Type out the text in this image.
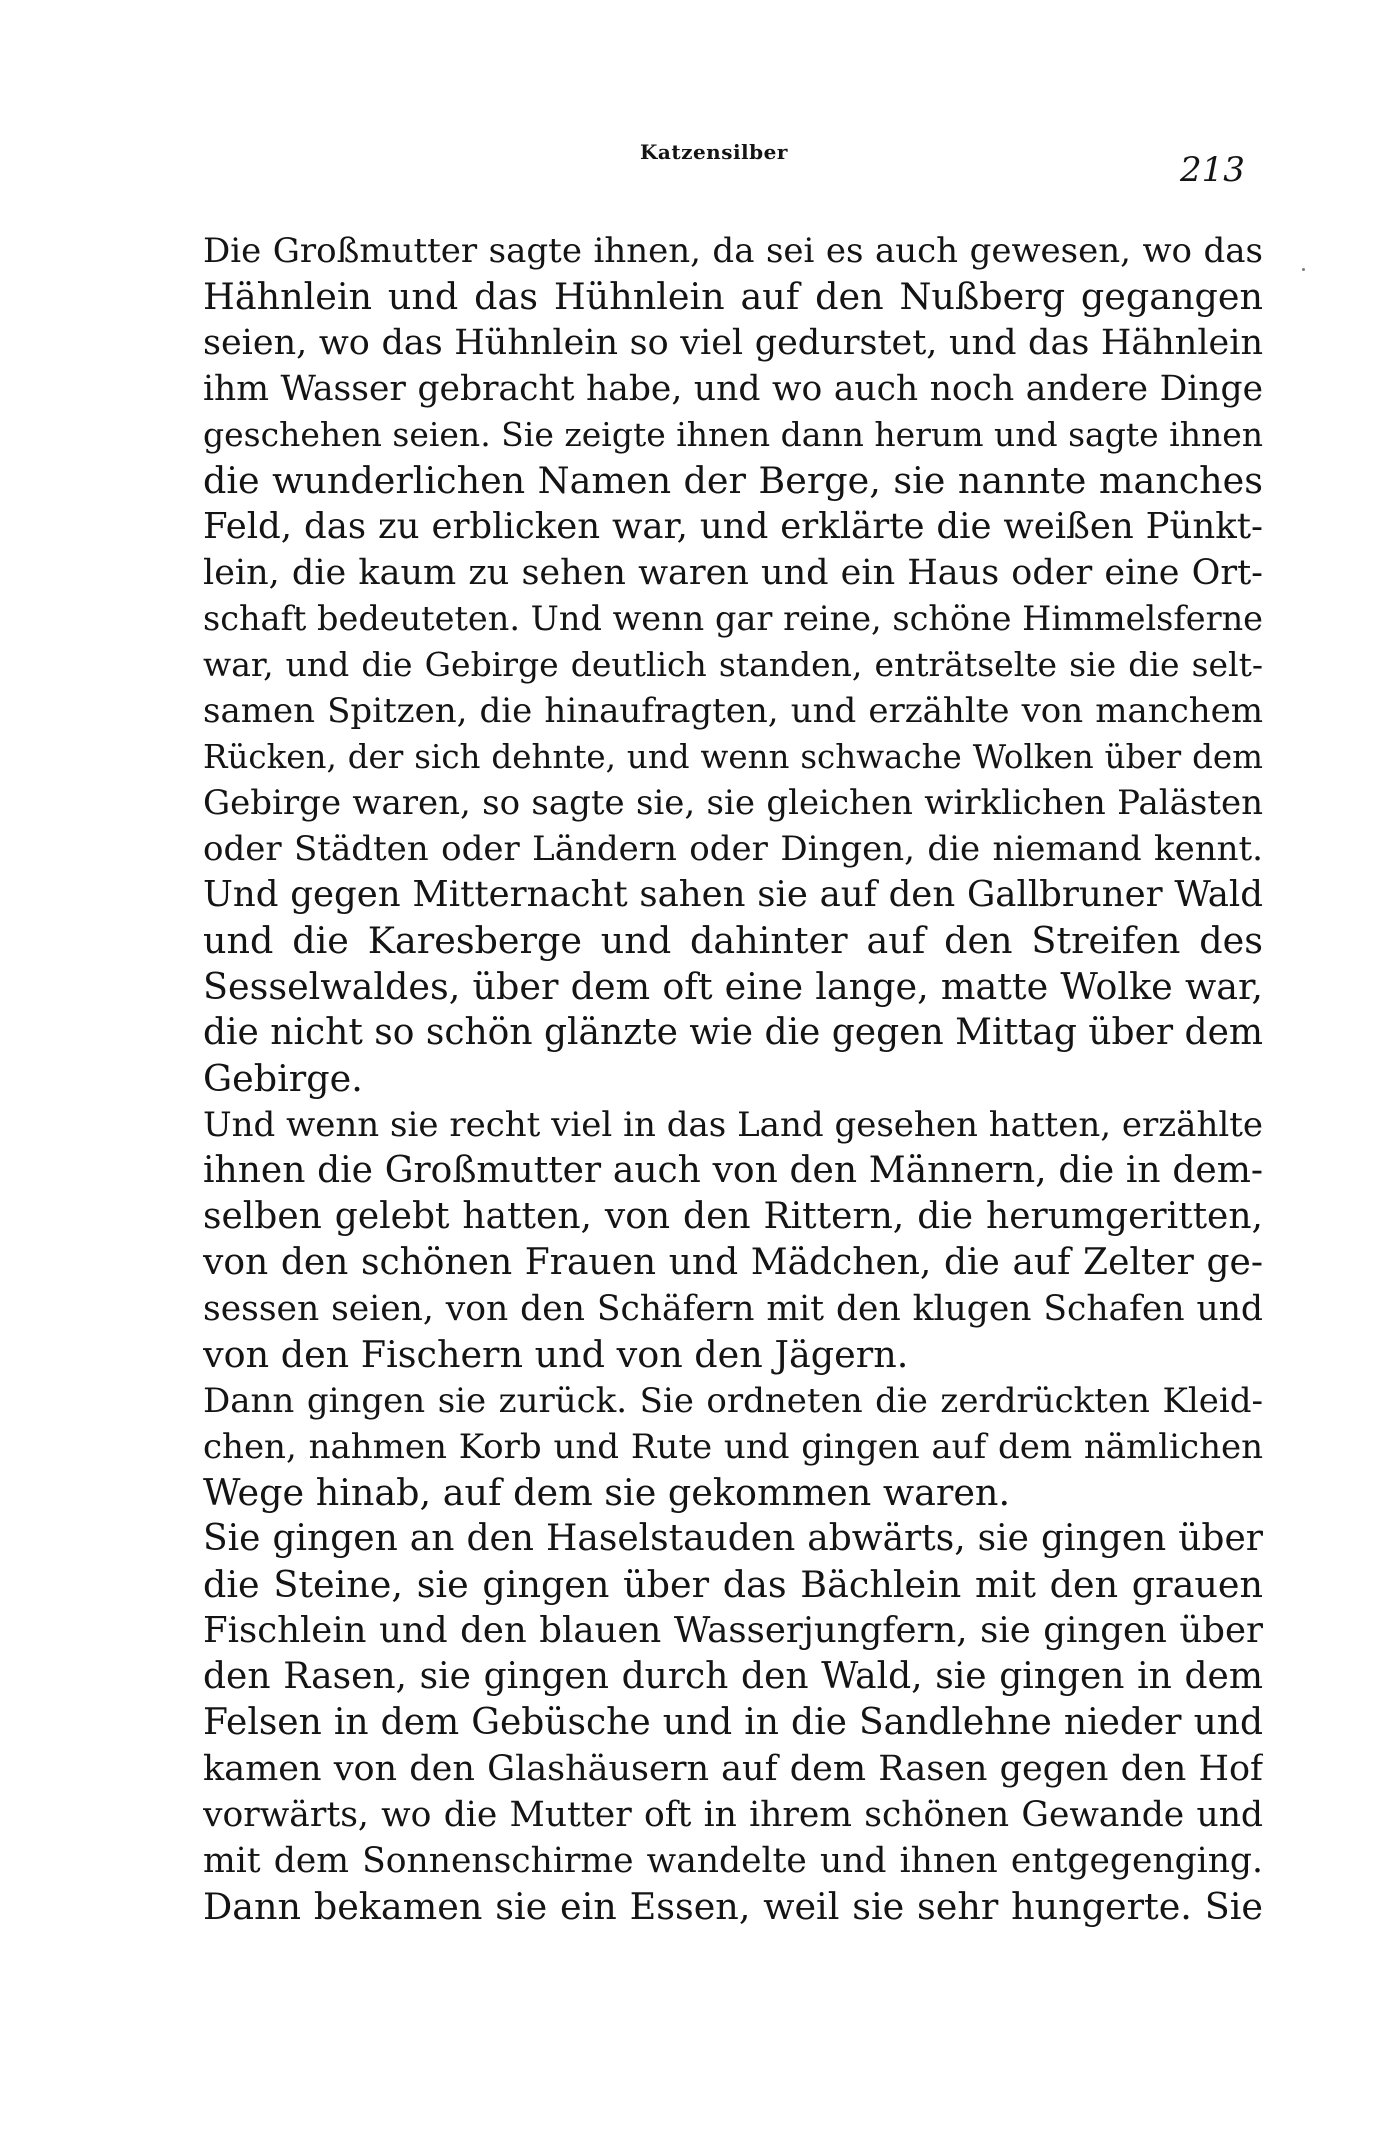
Katzensilber	213
Die Großmutter sagte ihnen, da sei es auch gewesen, wo das
Hähnlein und das Hühnlein auf den Nußberg gegangen
seien, wo das Hühnlein so viel gedurstet, und das Hähnlein
ihm Wasser gebracht habe, und wo auch noch andere Dinge
geschehen seien. Sie zeigte ihnen dann herum und sagte ihnen
die wunderlichen Namen der Berge, sie nannte manches
Feld, das zu erblicken war, und erklärte die weißen Pünkt-
lein, die kaum zu sehen waren und ein Haus oder eine Ort-
schaft bedeuteten. Und wenn gar reine, schöne Himmelsferne
war, und die Gebirge deutlich standen, enträtselte sie die selt-
samen Spitzen, die hinaufragten, und erzählte von manchem
Rücken, der sich dehnte, und wenn schwache Wolken über dem
Gebirge waren, so sagte sie, sie gleichen wirklichen Palästen
oder Städten oder Ländern oder Dingen, die niemand kennt.
Und gegen Mitternacht sahen sie auf den Gallbruner Wald
und die Karesberge und dahinter auf den Streifen des
Sesselwaldes, über dem oft eine lange, matte Wolke war,
die nicht so schön glänzte wie die gegen Mittag über dem
Gebirge.
Und wenn sie recht viel in das Land gesehen hatten, erzählte
ihnen die Großmutter auch von den Männern, die in dem-
selben gelebt hatten, von den Rittern, die herumgeritten,
von den schönen Frauen und Mädchen, die auf Zelter ge-
sessen seien, von den Schäfern mit den klugen Schafen und
von den Fischern und von den Jägern.
Dann gingen sie zurück. Sie ordneten die zerdrückten Kleid-
chen, nahmen Korb und Rute und gingen auf dem nämlichen
Wege hinab, auf dem sie gekommen waren.
Sie gingen an den Haselstauden abwärts, sie gingen über
die Steine, sie gingen über das Bächlein mit den grauen
Fischlein und den blauen Wasserjungfern, sie gingen über
den Rasen, sie gingen durch den Wald, sie gingen in dem
Felsen in dem Gebüsche und in die Sandlehne nieder und
kamen von den Glashäusern auf dem Rasen gegen den Hof
vorwärts, wo die Mutter oft in ihrem schönen Gewande und
mit dem Sonnenschirme wandelte und ihnen entgegenging.
Dann bekamen sie ein Essen, weil sie sehr hungerte. Sie
